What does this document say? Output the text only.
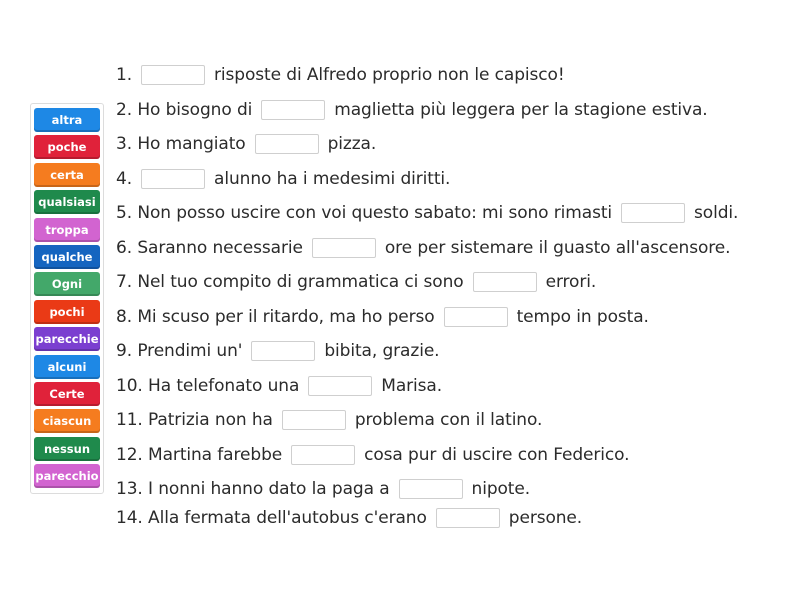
altra
poche
certa
qualsiasi
troppa
qualche
Ogni
pochi
parecchie
alcuni
Certe
ciascun
nessun
parecchio
1.	risposte di Alfredo proprio non le capisco!
2. Ho bisogno di	maglietta più leggera per la stagione estiva.
3. Ho mangiato	pizza.
4.	alunno ha i medesimi diritti.
5. Non posso uscire con voi questo sabato: mi sono rimasti	soldi.
6. Saranno necessarie	ore per sistemare il guasto all'ascensore.
7. Nel tuo compito di grammatica ci sono	errori.
8. Mi scuso per il ritardo, ma ho perso	tempo in posta.
9. Prendimi un'	bibita, grazie.
10. Ha telefonato una	Marisa.
11. Patrizia non ha	problema con il latino.
12. Martina farebbe	cosa pur di uscire con Federico.
13. I nonni hanno dato la paga a	nipote.
14. Alla fermata dell'autobus c'erano	persone.
